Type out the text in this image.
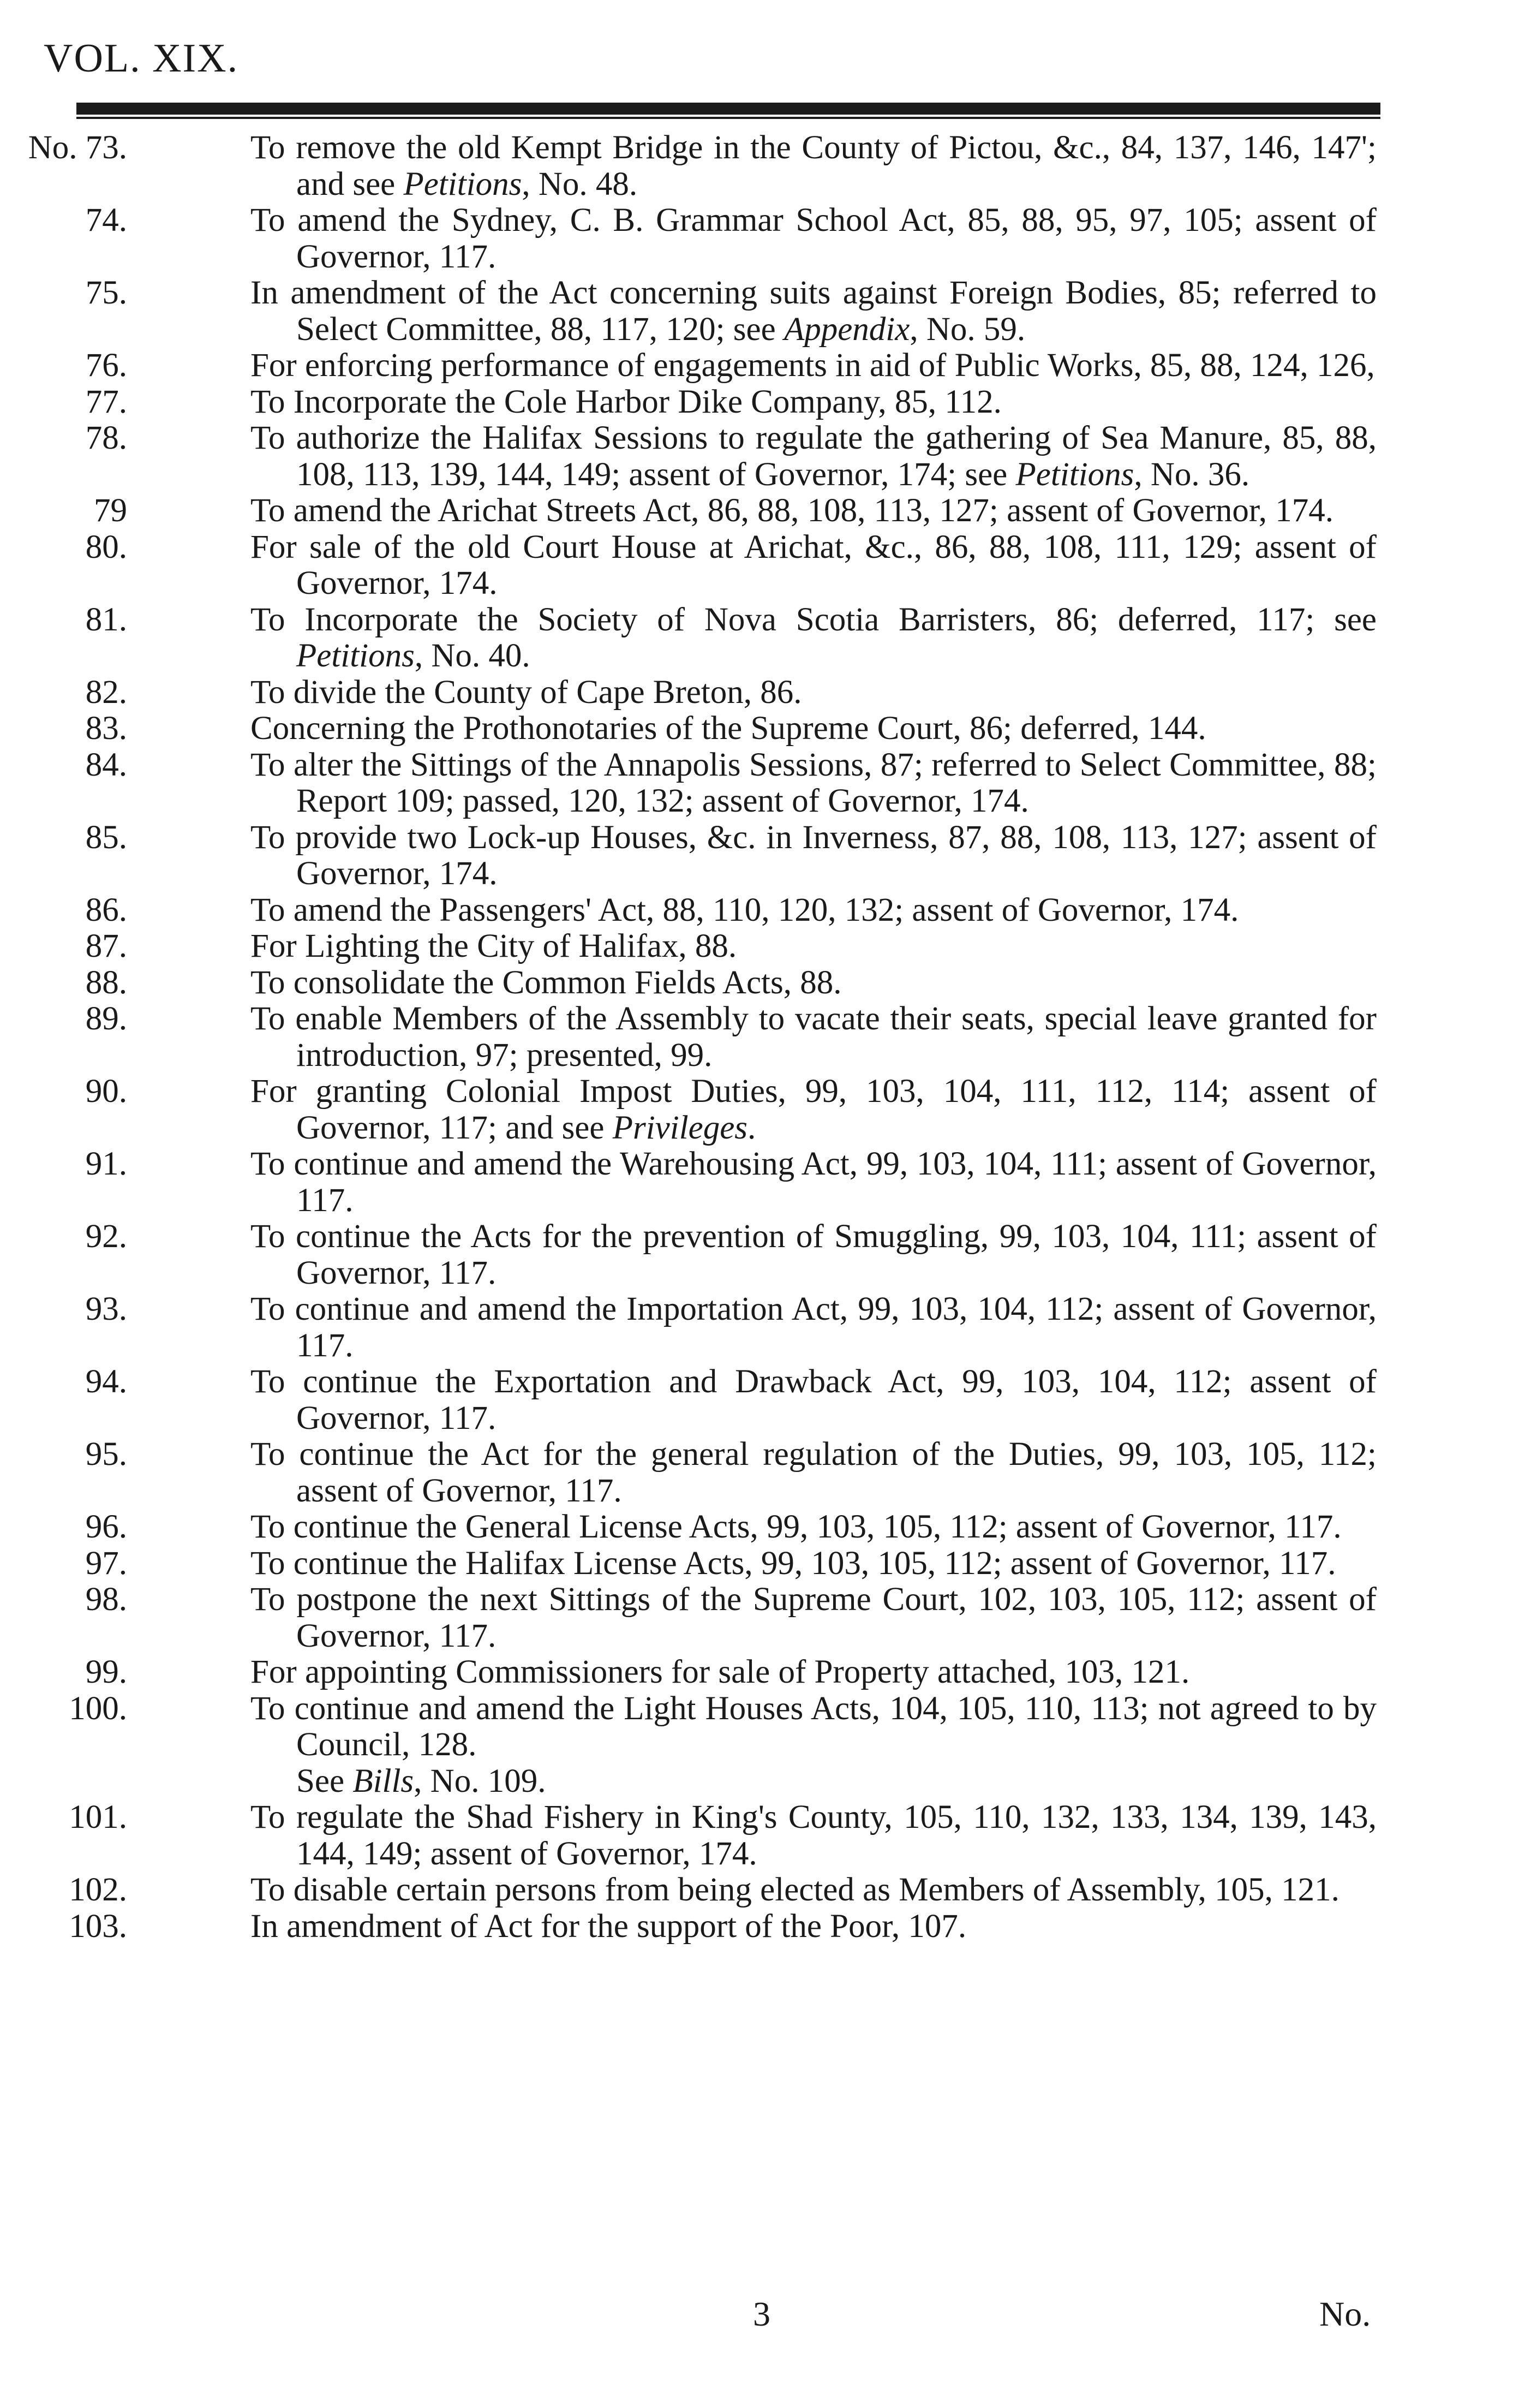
VOL. XIX.
No. 73.	To remove the old Kempt Bridge in the County of Pictou, &c., 84, 137, 146, 147'; and see Petitions, No. 48.
74.	To amend the Sydney, C. B. Grammar School Act, 85, 88, 95, 97, 105; assent of Governor, 117.
75.	In amendment of the Act concerning suits against Foreign Bodies, 85; referred to Select Committee, 88, 117, 120; see Appendix, No. 59.
76.	For enforcing performance of engagements in aid of Public Works, 85, 88, 124, 126,
77.	To Incorporate the Cole Harbor Dike Company, 85, 112.
78.	To authorize the Halifax Sessions to regulate the gathering of Sea Manure, 85, 88, 108, 113, 139, 144, 149; assent of Governor, 174; see Petitions, No. 36.
79	To amend the Arichat Streets Act, 86, 88, 108, 113, 127; assent of Governor, 174.
80.	For sale of the old Court House at Arichat, &c., 86, 88, 108, 111, 129; assent of Governor, 174.
81.	To Incorporate the Society of Nova Scotia Barristers, 86; deferred, 117; see Petitions, No. 40.
82.	To divide the County of Cape Breton, 86.
83.	Concerning the Prothonotaries of the Supreme Court, 86; deferred, 144.
84.	To alter the Sittings of the Annapolis Sessions, 87; referred to Select Committee, 88; Report 109; passed, 120, 132; assent of Governor, 174.
85.	To provide two Lock-up Houses, &c. in Inverness, 87, 88, 108, 113, 127; assent of Governor, 174.
86.	To amend the Passengers' Act, 88, 110, 120, 132; assent of Governor, 174.
87.	For Lighting the City of Halifax, 88.
88.	To consolidate the Common Fields Acts, 88.
89.	To enable Members of the Assembly to vacate their seats, special leave granted for introduction, 97; presented, 99.
90.	For granting Colonial Impost Duties, 99, 103, 104, 111, 112, 114; assent of Governor, 117; and see Privileges.
91.	To continue and amend the Warehousing Act, 99, 103, 104, 111; assent of Governor, 117.
92.	To continue the Acts for the prevention of Smuggling, 99, 103, 104, 111; assent of Governor, 117.
93.	To continue and amend the Importation Act, 99, 103, 104, 112; assent of Governor, 117.
94.	To continue the Exportation and Drawback Act, 99, 103, 104, 112; assent of Governor, 117.
95.	To continue the Act for the general regulation of the Duties, 99, 103, 105, 112; assent of Governor, 117.
96.	To continue the General License Acts, 99, 103, 105, 112; assent of Governor, 117.
97.	To continue the Halifax License Acts, 99, 103, 105, 112; assent of Governor, 117.
98.	To postpone the next Sittings of the Supreme Court, 102, 103, 105, 112; assent of Governor, 117.
99.	For appointing Commissioners for sale of Property attached, 103, 121.
100.	To continue and amend the Light Houses Acts, 104, 105, 110, 113; not agreed to by Council, 128.
See Bills, No. 109.
101.	To regulate the Shad Fishery in King's County, 105, 110, 132, 133, 134, 139, 143, 144, 149; assent of Governor, 174.
102.	To disable certain persons from being elected as Members of Assembly, 105, 121.
103.	In amendment of Act for the support of the Poor, 107.
3	No.
